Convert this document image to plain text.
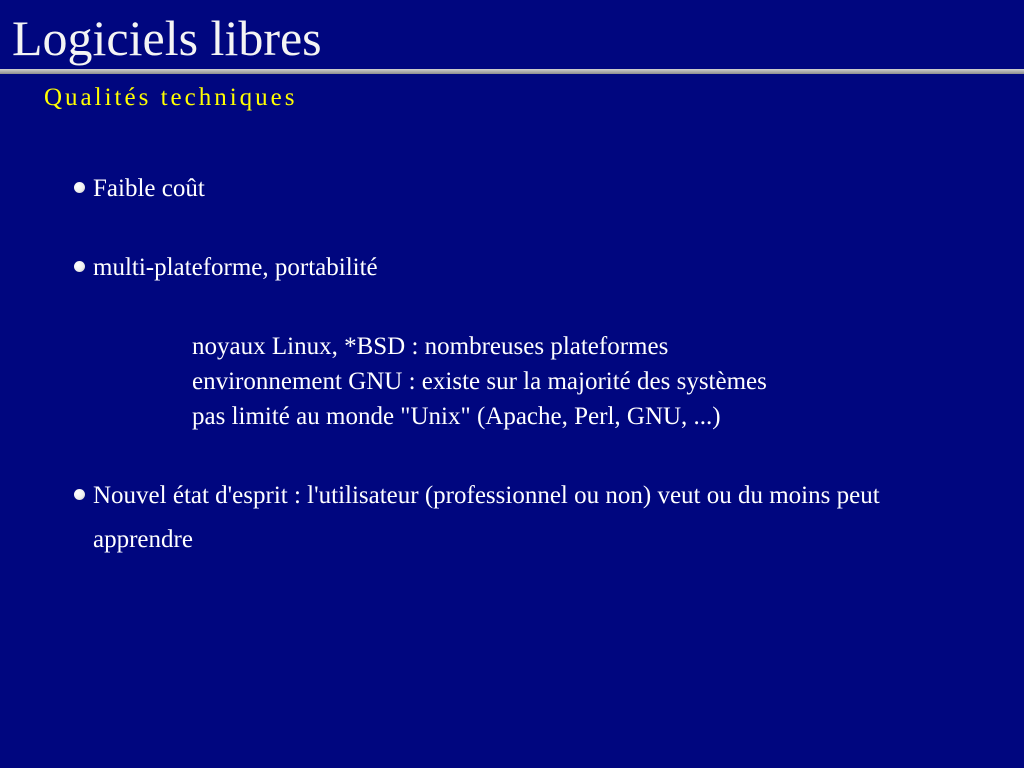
Logiciels libres
Qualités techniques
Faible coût
multi-plateforme, portabilité
noyaux Linux, *BSD : nombreuses plateformes
environnement GNU : existe sur la majorité des systèmes
pas limité au monde "Unix" (Apache, Perl, GNU, ...)
Nouvel état d'esprit : l'utilisateur (professionnel ou non) veut ou du moins peut apprendre
